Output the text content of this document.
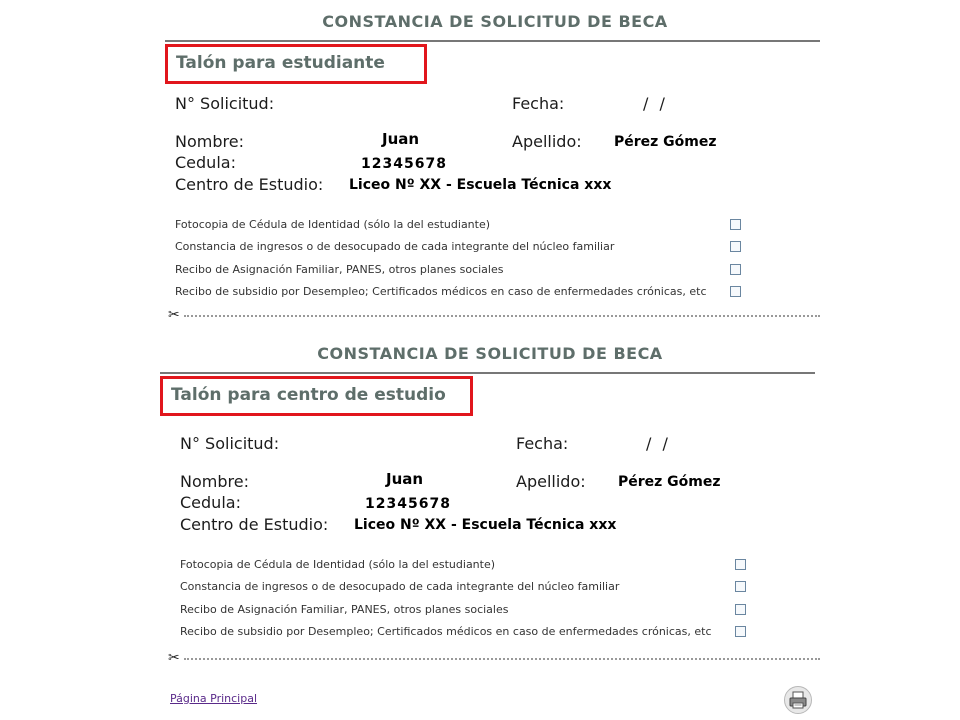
CONSTANCIA DE SOLICITUD DE BECA
Talón para estudiante
N° Solicitud:	Fecha:	/ /
Nombre:	Juan	Apellido: Pérez Gómez
Cedula:	12345678
Centro de Estudio: Liceo Nº XX - Escuela Técnica xxx
Fotocopia de Cédula de Identidad (sólo la del estudiante)
Constancia de ingresos o de desocupado de cada integrante del núcleo familiar
Recibo de Asignación Familiar, PANES, otros planes sociales
Recibo de subsidio por Desempleo; Certificados médicos en caso de enfermedades crónicas, etc
✂
CONSTANCIA DE SOLICITUD DE BECA
Talón para centro de estudio
N° Solicitud:	Fecha:	/ /
Nombre:	Juan	Apellido: Pérez Gómez
Cedula:	12345678
Centro de Estudio: Liceo Nº XX - Escuela Técnica xxx
Fotocopia de Cédula de Identidad (sólo la del estudiante)
Constancia de ingresos o de desocupado de cada integrante del núcleo familiar
Recibo de Asignación Familiar, PANES, otros planes sociales
Recibo de subsidio por Desempleo; Certificados médicos en caso de enfermedades crónicas, etc
✂
Página Principal
